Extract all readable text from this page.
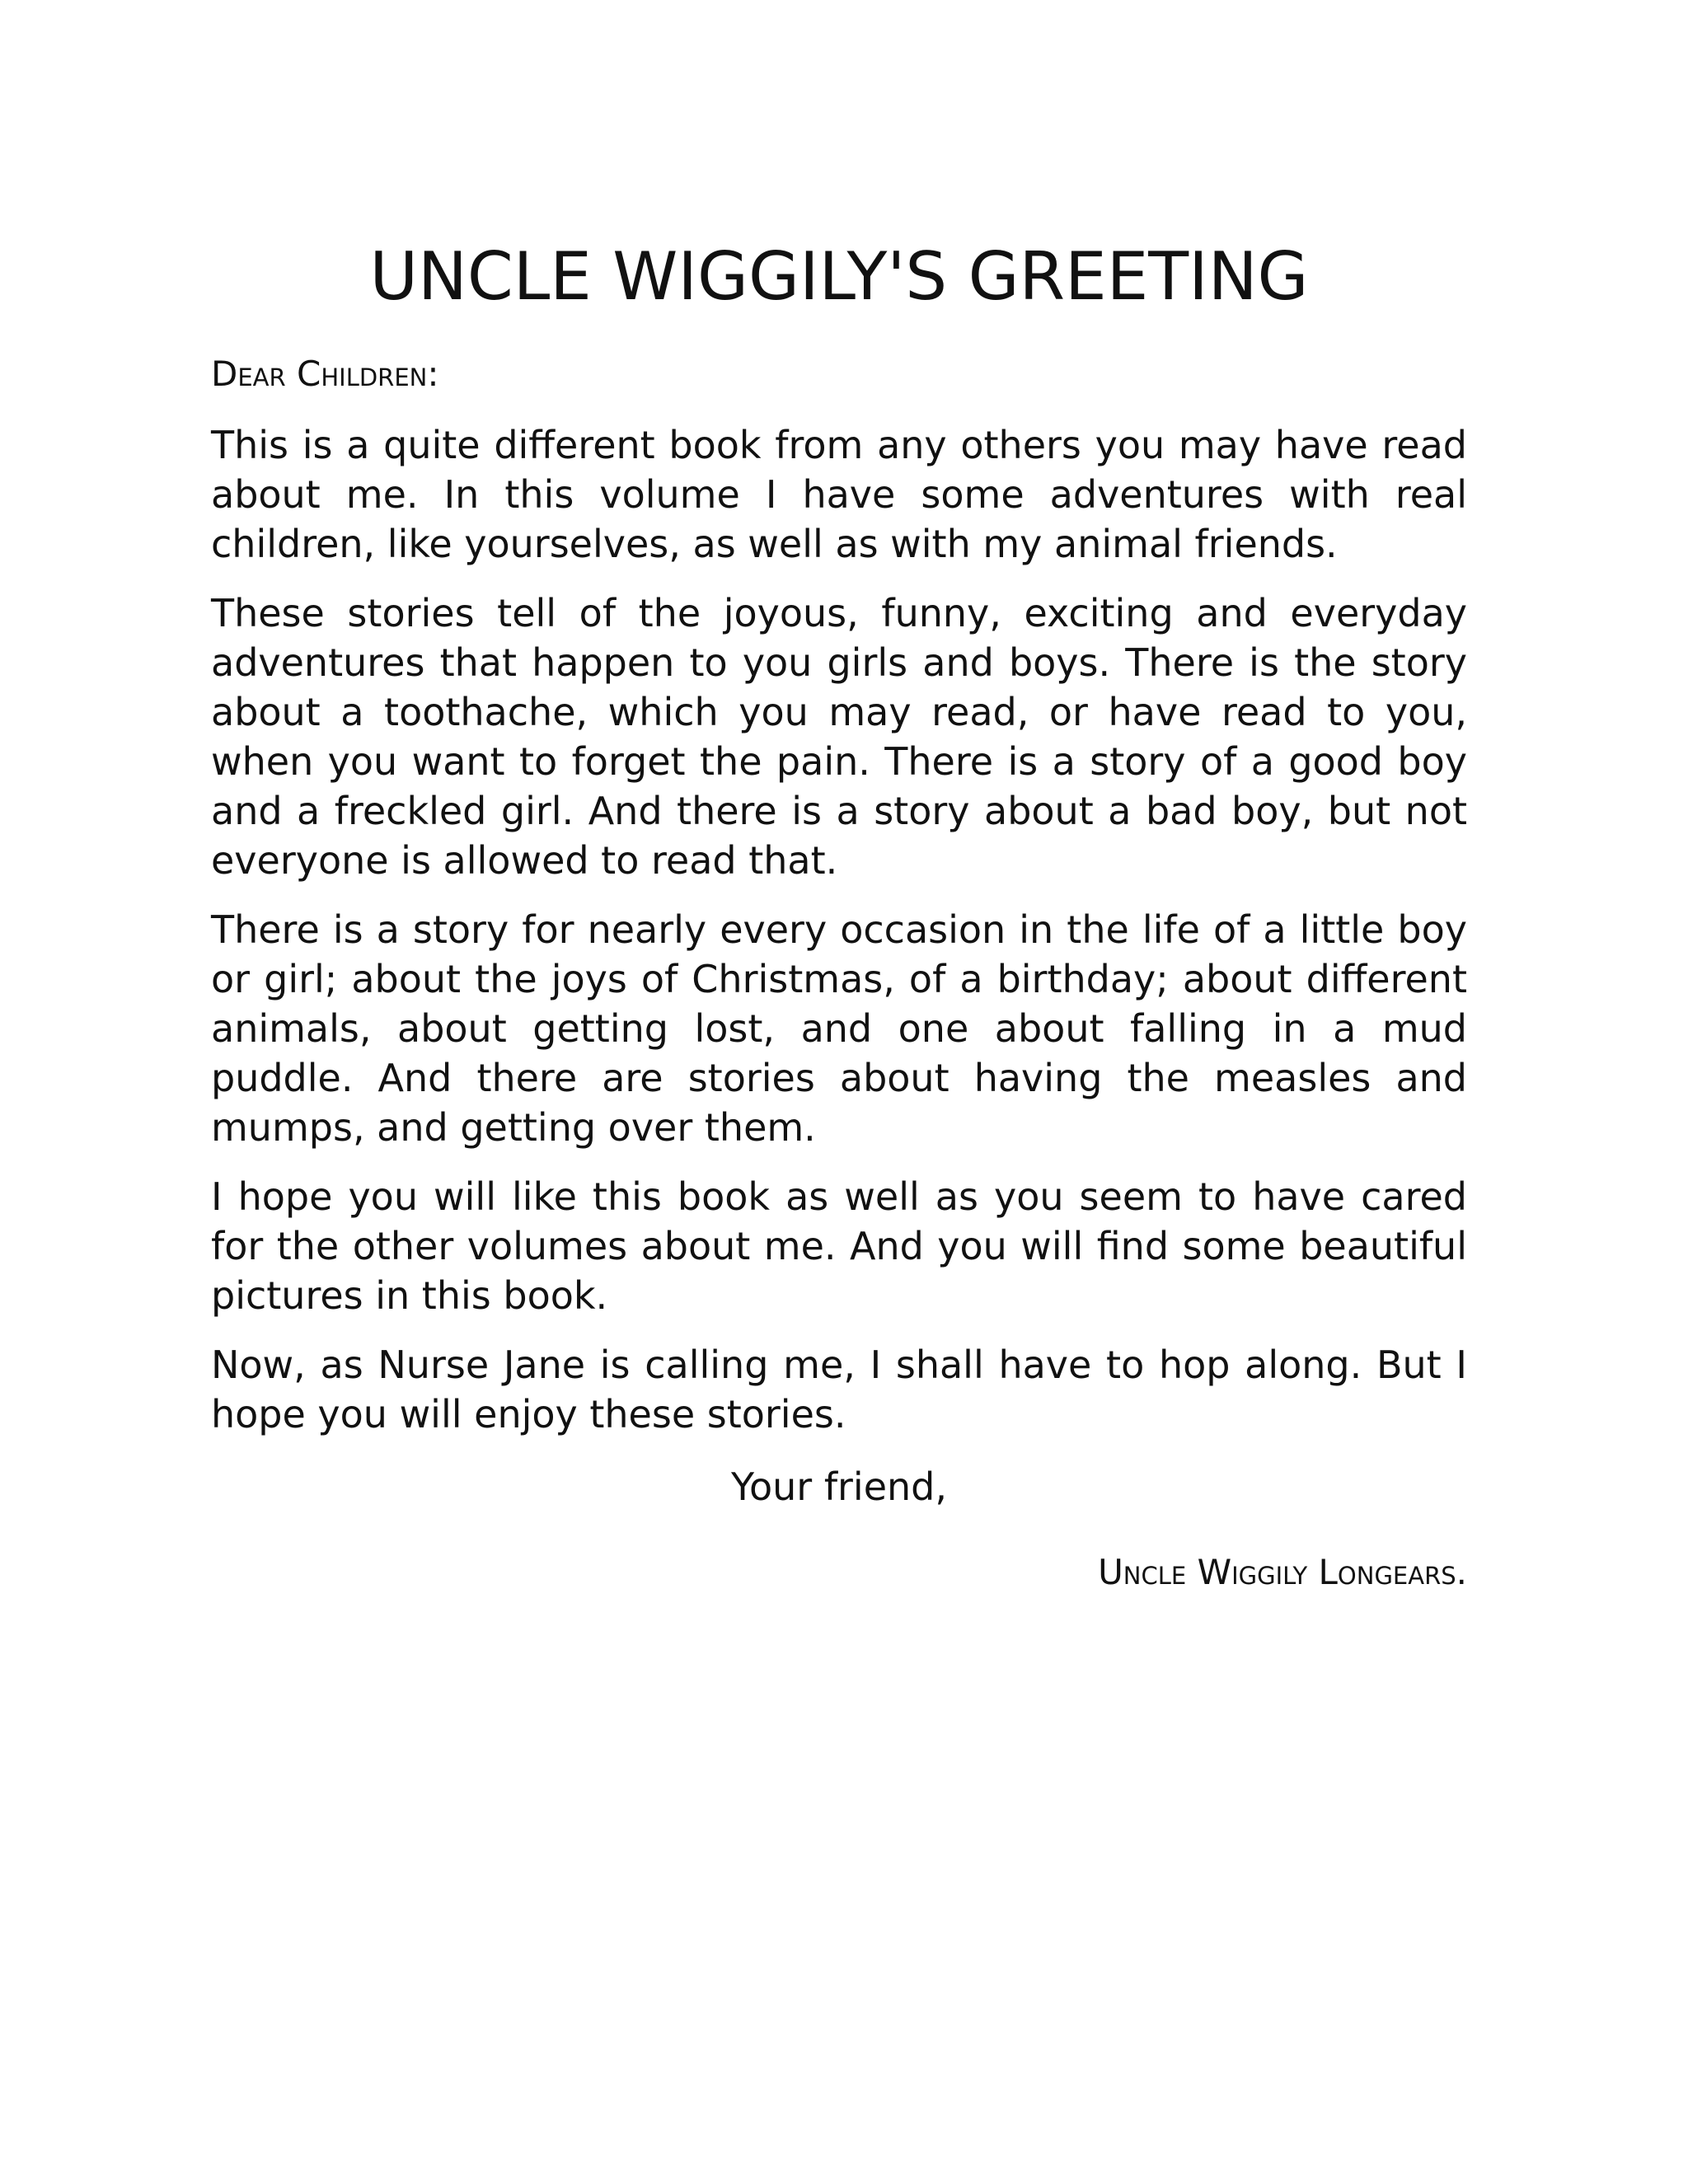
UNCLE WIGGILY'S GREETING

Dear Children:

This is a quite different book from any others you may have read about me. In this volume I have some adventures with real children, like yourselves, as well as with my animal friends.

These stories tell of the joyous, funny, exciting and everyday adventures that happen to you girls and boys. There is the story about a toothache, which you may read, or have read to you, when you want to forget the pain. There is a story of a good boy and a freckled girl. And there is a story about a bad boy, but not everyone is allowed to read that.

There is a story for nearly every occasion in the life of a little boy or girl; about the joys of Christmas, of a birthday; about different animals, about getting lost, and one about falling in a mud puddle. And there are stories about having the measles and mumps, and getting over them.

I hope you will like this book as well as you seem to have cared for the other volumes about me. And you will find some beautiful pictures in this book.

Now, as Nurse Jane is calling me, I shall have to hop along. But I hope you will enjoy these stories.

Your friend,

Uncle Wiggily Longears.
